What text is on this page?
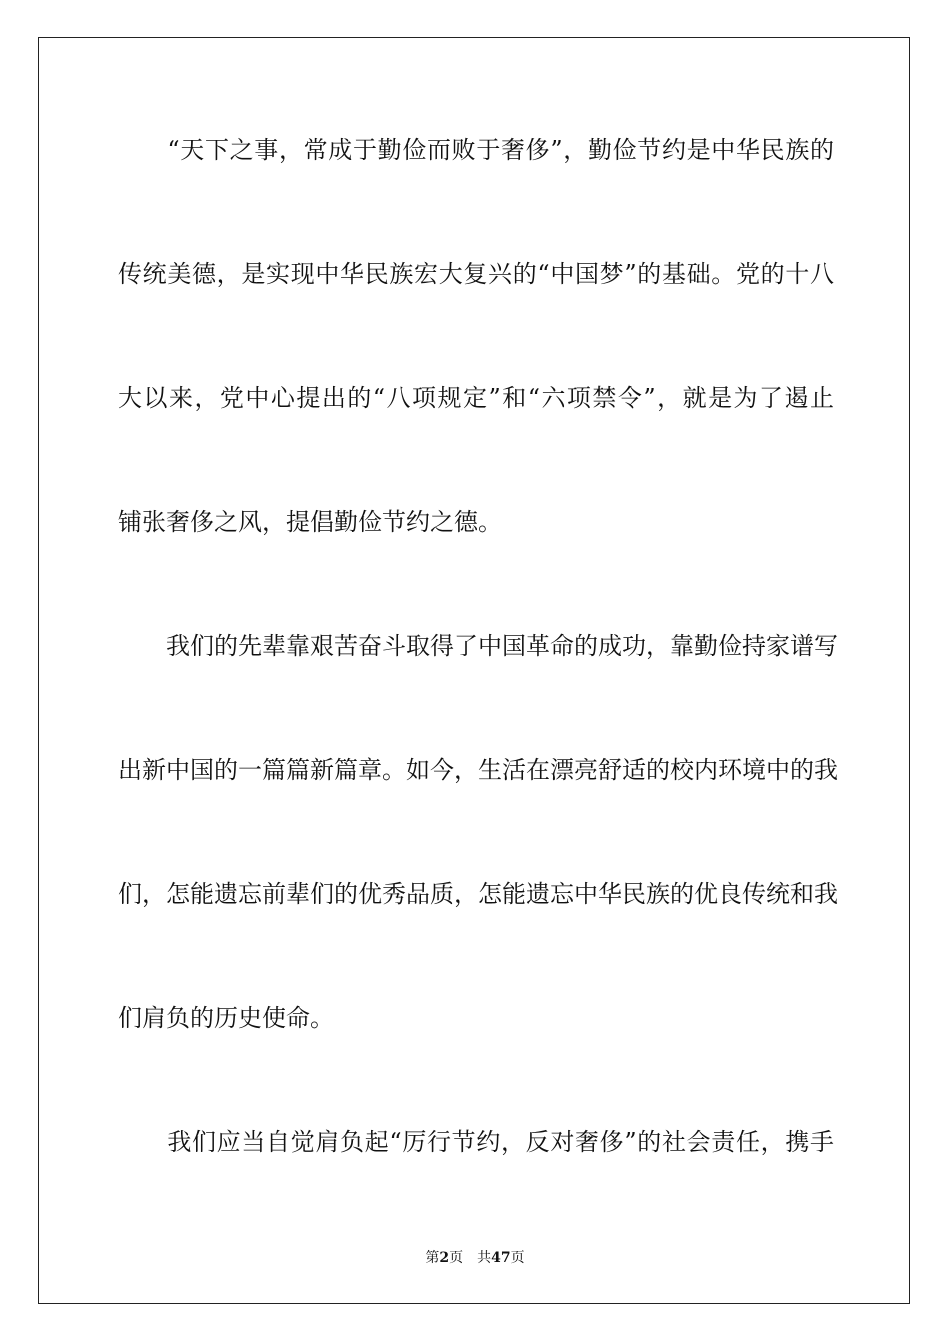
　　“天下之事，常成于勤俭而败于奢侈”，勤俭节约是中华民族的
传统美德，是实现中华民族宏大复兴的“中国梦”的基础。党的十八
大以来，党中心提出的“八项规定”和“六项禁令”，就是为了遏止
铺张奢侈之风，提倡勤俭节约之德。
　　我们的先辈靠艰苦奋斗取得了中国革命的成功，靠勤俭持家谱写
出新中国的一篇篇新篇章。如今，生活在漂亮舒适的校内环境中的我
们，怎能遗忘前辈们的优秀品质，怎能遗忘中华民族的优良传统和我
们肩负的历史使命。
　　我们应当自觉肩负起“厉行节约，反对奢侈”的社会责任，携手
第2页 共47页
